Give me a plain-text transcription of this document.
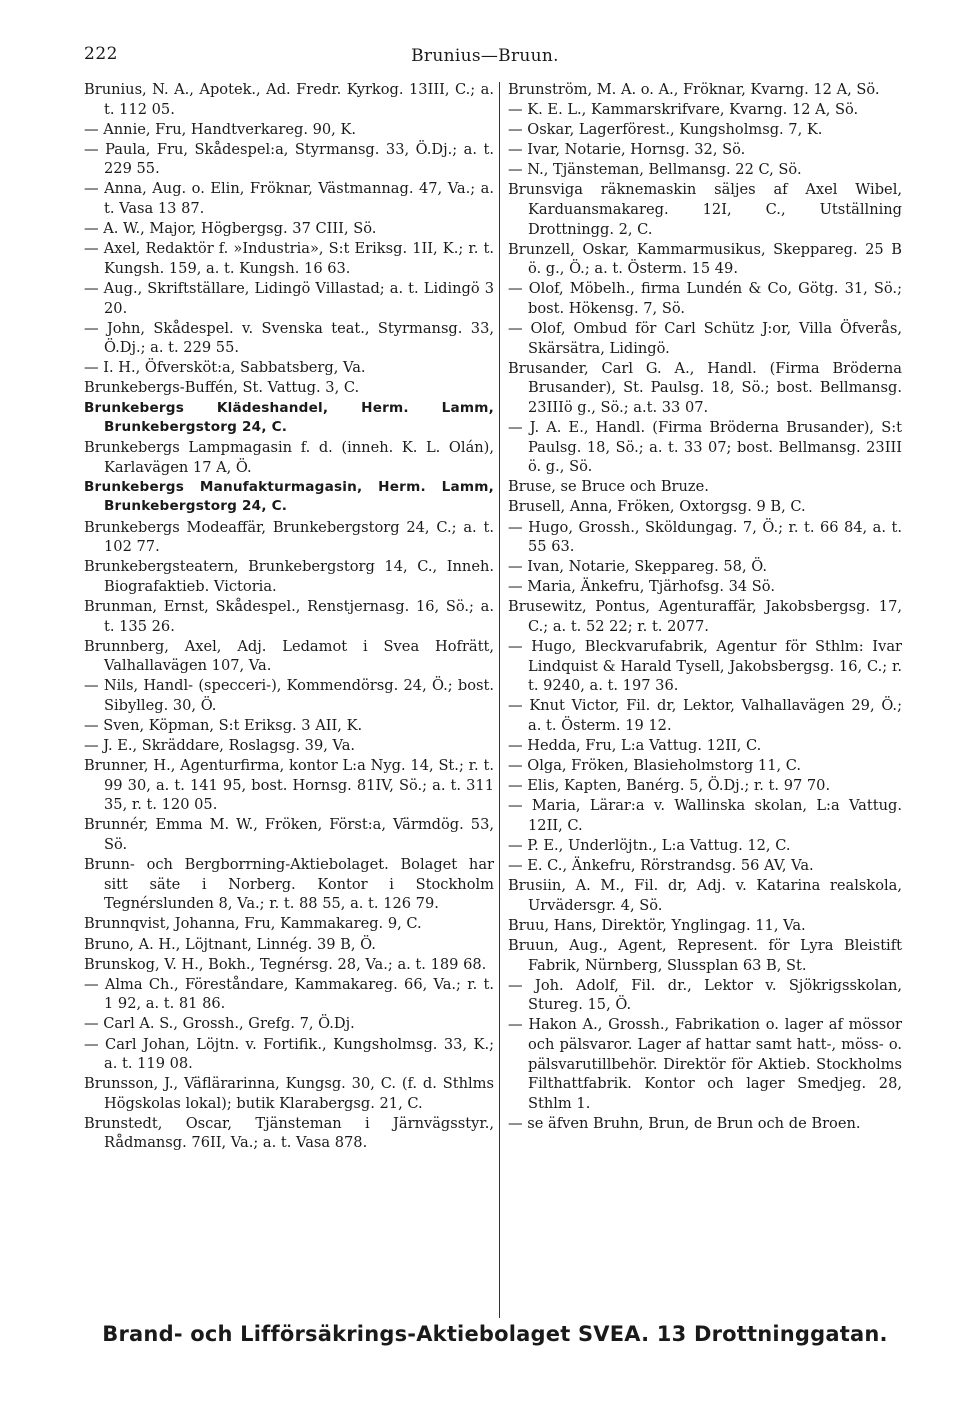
222	Brunius—Bruun.

Brunius, N. A., Apotek., Ad. Fredr. Kyrkog. 13III, C.; a. t. 112 05.

— Annie, Fru, Handtverkareg. 90, K.

— Paula, Fru, Skådespel:a, Styrmansg. 33, Ö.Dj.; a. t. 229 55.

— Anna, Aug. o. Elin, Fröknar, Västmannag. 47, Va.; a. t. Vasa 13 87.

— A. W., Major, Högbergsg. 37 CIII, Sö.

— Axel, Redaktör f. »Industria», S:t Eriksg. 1II, K.; r. t. Kungsh. 159, a. t. Kungsh. 16 63.

— Aug., Skriftställare, Lidingö Villastad; a. t. Lidingö 3 20.

— John, Skådespel. v. Svenska teat., Styrmansg. 33, Ö.Dj.; a. t. 229 55.

— I. H., Öfversköt:a, Sabbatsberg, Va.

Brunkebergs-Buffén, St. Vattug. 3, C.

Brunkebergs Klädeshandel, Herm. Lamm, Brunkebergstorg 24, C.

Brunkebergs Lampmagasin f. d. (inneh. K. L. Olán), Karlavägen 17 A, Ö.

Brunkebergs Manufakturmagasin, Herm. Lamm, Brunkebergstorg 24, C.

Brunkebergs Modeaffär, Brunkebergstorg 24, C.; a. t. 102 77.

Brunkebergsteatern, Brunkebergstorg 14, C., Inneh. Biografaktieb. Victoria.

Brunman, Ernst, Skådespel., Renstjernasg. 16, Sö.; a. t. 135 26.

Brunnberg, Axel, Adj. Ledamot i Svea Hofrätt, Valhallavägen 107, Va.

— Nils, Handl- (specceri-), Kommendörsg. 24, Ö.; bost. Sibylleg. 30, Ö.

— Sven, Köpman, S:t Eriksg. 3 AII, K.

— J. E., Skräddare, Roslagsg. 39, Va.

Brunner, H., Agenturfirma, kontor L:a Nyg. 14, St.; r. t. 99 30, a. t. 141 95, bost. Hornsg. 81IV, Sö.; a. t. 311 35, r. t. 120 05.

Brunnér, Emma M. W., Fröken, Först:a, Värmdög. 53, Sö.

Brunn- och Bergborrning-Aktiebolaget. Bolaget har sitt säte i Norberg. Kontor i Stockholm Tegnérslunden 8, Va.; r. t. 88 55, a. t. 126 79.

Brunnqvist, Johanna, Fru, Kammakareg. 9, C.

Bruno, A. H., Löjtnant, Linnég. 39 B, Ö.

Brunskog, V. H., Bokh., Tegnérsg. 28, Va.; a. t. 189 68.

— Alma Ch., Föreståndare, Kammakareg. 66, Va.; r. t. 1 92, a. t. 81 86.

— Carl A. S., Grossh., Grefg. 7, Ö.Dj.

— Carl Johan, Löjtn. v. Fortifik., Kungsholmsg. 33, K.; a. t. 119 08.

Brunsson, J., Väflärarinna, Kungsg. 30, C. (f. d. Sthlms Högskolas lokal); butik Klarabergsg. 21, C.

Brunstedt, Oscar, Tjänsteman i Järnvägsstyr., Rådmansg. 76II, Va.; a. t. Vasa 878.

Brunström, M. A. o. A., Fröknar, Kvarng. 12 A, Sö.

— K. E. L., Kammarskrifvare, Kvarng. 12 A, Sö.

— Oskar, Lagerförest., Kungsholmsg. 7, K.

— Ivar, Notarie, Hornsg. 32, Sö.

— N., Tjänsteman, Bellmansg. 22 C, Sö.

Brunsviga räknemaskin säljes af Axel Wibel, Karduansmakareg. 12I, C., Utställning Drottningg. 2, C.

Brunzell, Oskar, Kammarmusikus, Skeppareg. 25 B ö. g., Ö.; a. t. Österm. 15 49.

— Olof, Möbelh., firma Lundén & Co, Götg. 31, Sö.; bost. Hökensg. 7, Sö.

— Olof, Ombud för Carl Schütz J:or, Villa Öfverås, Skärsätra, Lidingö.

Brusander, Carl G. A., Handl. (Firma Bröderna Brusander), St. Paulsg. 18, Sö.; bost. Bellmansg. 23IIIö g., Sö.; a.t. 33 07.

— J. A. E., Handl. (Firma Bröderna Brusander), S:t Paulsg. 18, Sö.; a. t. 33 07; bost. Bellmansg. 23III ö. g., Sö.

Bruse, se Bruce och Bruze.

Brusell, Anna, Fröken, Oxtorgsg. 9 B, C.

— Hugo, Grossh., Sköldungag. 7, Ö.; r. t. 66 84, a. t. 55 63.

— Ivan, Notarie, Skeppareg. 58, Ö.

— Maria, Änkefru, Tjärhofsg. 34 Sö.

Brusewitz, Pontus, Agenturaffär, Jakobsbergsg. 17, C.; a. t. 52 22; r. t. 2077.

— Hugo, Bleckvarufabrik, Agentur för Sthlm: Ivar Lindquist & Harald Tysell, Jakobsbergsg. 16, C.; r. t. 9240, a. t. 197 36.

— Knut Victor, Fil. dr, Lektor, Valhallavägen 29, Ö.; a. t. Österm. 19 12.

— Hedda, Fru, L:a Vattug. 12II, C.

— Olga, Fröken, Blasieholmstorg 11, C.

— Elis, Kapten, Banérg. 5, Ö.Dj.; r. t. 97 70.

— Maria, Lärar:a v. Wallinska skolan, L:a Vattug. 12II, C.

— P. E., Underlöjtn., L:a Vattug. 12, C.

— E. C., Änkefru, Rörstrandsg. 56 AV, Va.

Brusiin, A. M., Fil. dr, Adj. v. Katarina realskola, Urvädersgr. 4, Sö.

Bruu, Hans, Direktör, Ynglingag. 11, Va.

Bruun, Aug., Agent, Represent. för Lyra Bleistift Fabrik, Nürnberg, Slussplan 63 B, St.

— Joh. Adolf, Fil. dr., Lektor v. Sjökrigsskolan, Stureg. 15, Ö.

— Hakon A., Grossh., Fabrikation o. lager af mössor och pälsvaror. Lager af hattar samt hatt-, möss- o. pälsvarutillbehör. Direktör för Aktieb. Stockholms Filthattfabrik. Kontor och lager Smedjeg. 28, Sthlm 1.

— se äfven Bruhn, Brun, de Brun och de Broen.

Brand- och Lifförsäkrings-Aktiebolaget SVEA. 13 Drottninggatan.
